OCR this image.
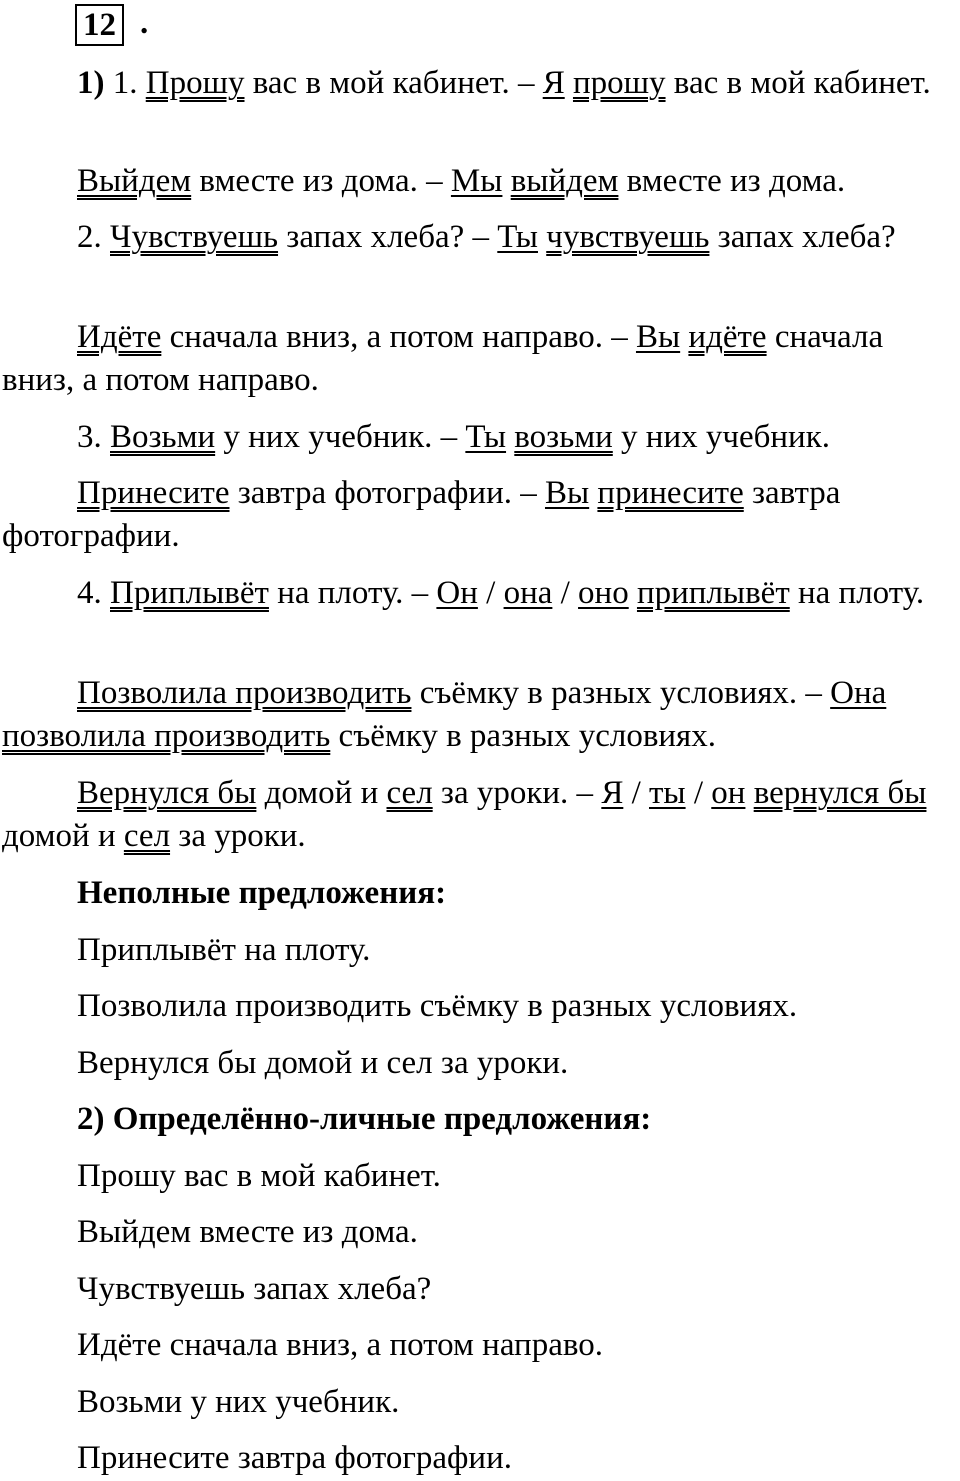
12 .

1) 1. Прошу вас в мой кабинет. – Я прошу вас в мой кабинет.

Выйдем вместе из дома. – Мы выйдем вместе из дома.

2. Чувствуешь запах хлеба? – Ты чувствуешь запах хлеба?

Идёте сначала вниз, а потом направо. – Вы идёте сначала вниз, а потом направо.

3. Возьми у них учебник. – Ты возьми у них учебник.

Принесите завтра фотографии. – Вы принесите завтра фотографии.

4. Приплывёт на плоту. – Он / она / оно приплывёт на плоту.

Позволила производить съёмку в разных условиях. – Она позволила производить съёмку в разных условиях.

Вернулся бы домой и сел за уроки. – Я / ты / он вернулся бы домой и сел за уроки.

Неполные предложения:

Приплывёт на плоту.

Позволила производить съёмку в разных условиях.

Вернулся бы домой и сел за уроки.

2) Определённо-личные предложения:

Прошу вас в мой кабинет.

Выйдем вместе из дома.

Чувствуешь запах хлеба?

Идёте сначала вниз, а потом направо.

Возьми у них учебник.

Принесите завтра фотографии.
